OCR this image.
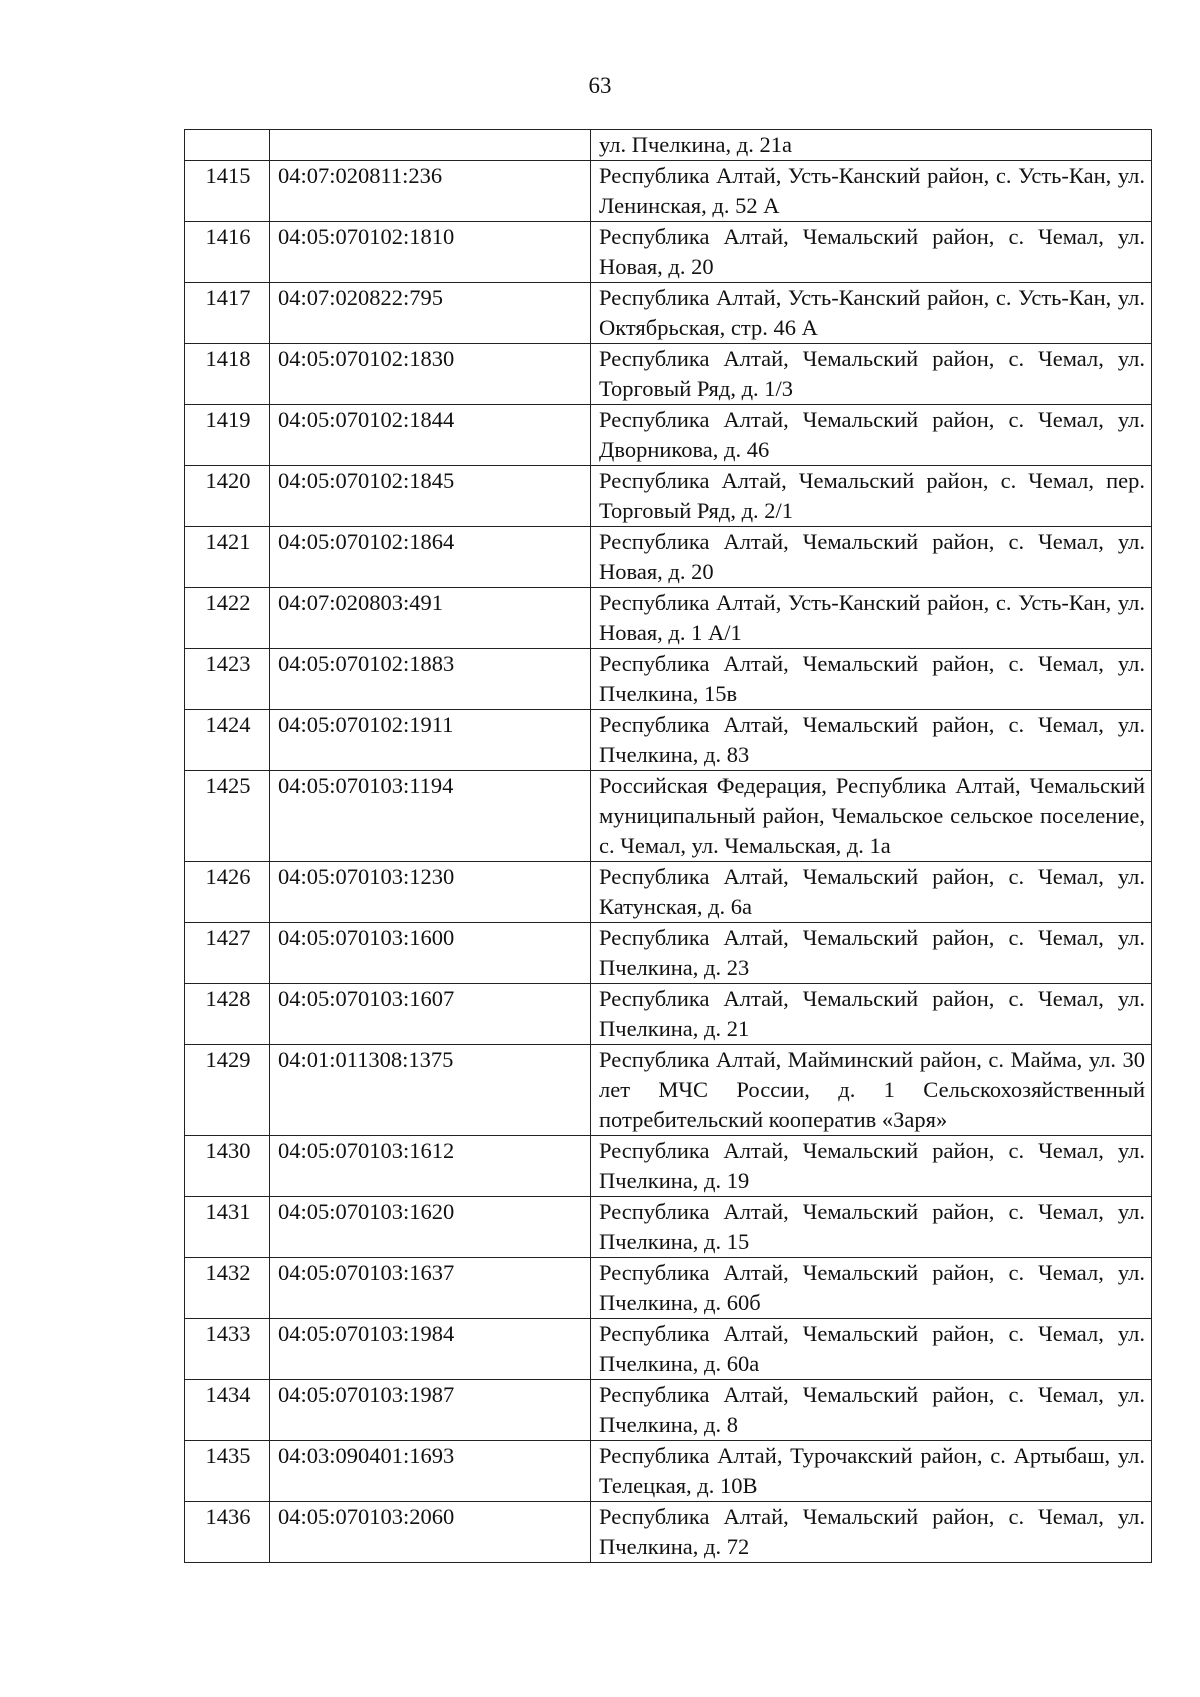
63
		ул. Пчелкина, д. 21а
1415	04:07:020811:236	Республика Алтай, Усть-Канский район, с. Усть-Кан, ул. Ленинская, д. 52 А
1416	04:05:070102:1810	Республика Алтай, Чемальский район, с. Чемал, ул. Новая, д. 20
1417	04:07:020822:795	Республика Алтай, Усть-Канский район, с. Усть-Кан, ул. Октябрьская, стр. 46 А
1418	04:05:070102:1830	Республика Алтай, Чемальский район, с. Чемал, ул. Торговый Ряд, д. 1/3
1419	04:05:070102:1844	Республика Алтай, Чемальский район, с. Чемал, ул. Дворникова, д. 46
1420	04:05:070102:1845	Республика Алтай, Чемальский район, с. Чемал, пер. Торговый Ряд, д. 2/1
1421	04:05:070102:1864	Республика Алтай, Чемальский район, с. Чемал, ул. Новая, д. 20
1422	04:07:020803:491	Республика Алтай, Усть-Канский район, с. Усть-Кан, ул. Новая, д. 1 А/1
1423	04:05:070102:1883	Республика Алтай, Чемальский район, с. Чемал, ул. Пчелкина, 15в
1424	04:05:070102:1911	Республика Алтай, Чемальский район, с. Чемал, ул. Пчелкина, д. 83
1425	04:05:070103:1194	Российская Федерация, Республика Алтай, Чемальский муниципальный район, Чемальское сельское поселение, с. Чемал, ул. Чемальская, д. 1а
1426	04:05:070103:1230	Республика Алтай, Чемальский район, с. Чемал, ул. Катунская, д. 6а
1427	04:05:070103:1600	Республика Алтай, Чемальский район, с. Чемал, ул. Пчелкина, д. 23
1428	04:05:070103:1607	Республика Алтай, Чемальский район, с. Чемал, ул. Пчелкина, д. 21
1429	04:01:011308:1375	Республика Алтай, Майминский район, с. Майма, ул. 30 лет МЧС России, д. 1 Сельскохозяйственный потребительский кооператив «Заря»
1430	04:05:070103:1612	Республика Алтай, Чемальский район, с. Чемал, ул. Пчелкина, д. 19
1431	04:05:070103:1620	Республика Алтай, Чемальский район, с. Чемал, ул. Пчелкина, д. 15
1432	04:05:070103:1637	Республика Алтай, Чемальский район, с. Чемал, ул. Пчелкина, д. 60б
1433	04:05:070103:1984	Республика Алтай, Чемальский район, с. Чемал, ул. Пчелкина, д. 60а
1434	04:05:070103:1987	Республика Алтай, Чемальский район, с. Чемал, ул. Пчелкина, д. 8
1435	04:03:090401:1693	Республика Алтай, Турочакский район, с. Артыбаш, ул. Телецкая, д. 10В
1436	04:05:070103:2060	Республика Алтай, Чемальский район, с. Чемал, ул. Пчелкина, д. 72
